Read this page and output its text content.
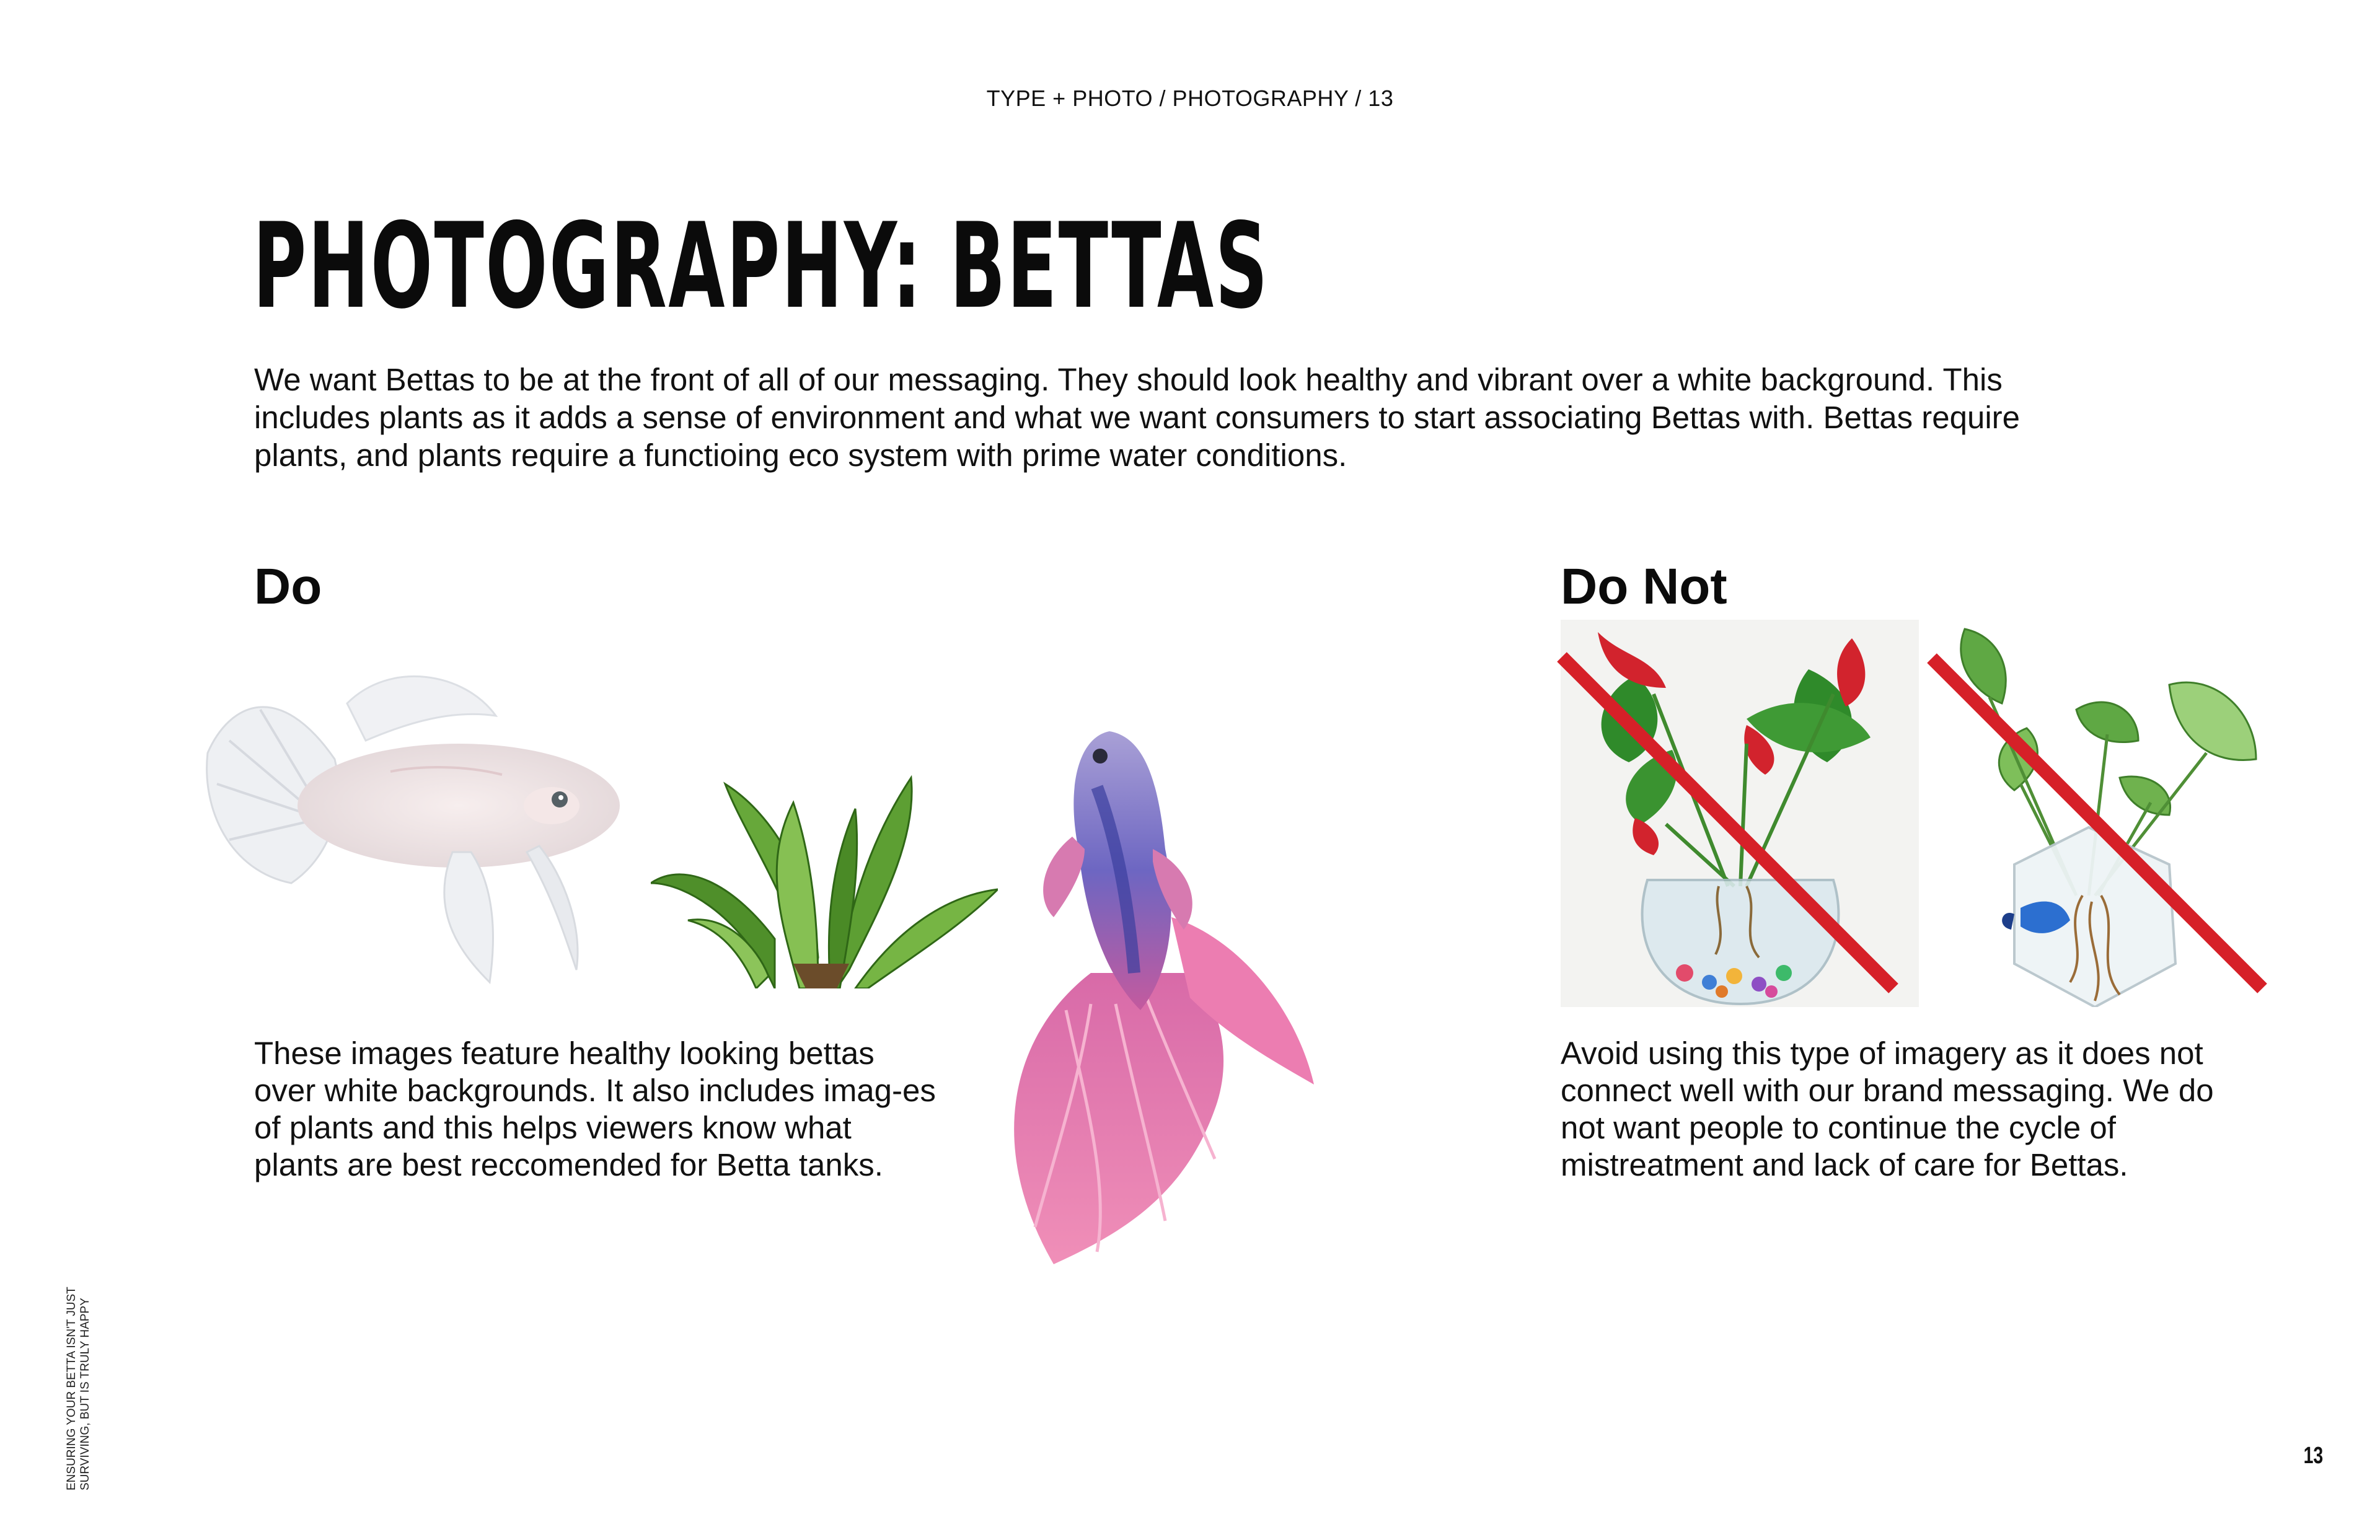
TYPE + PHOTO / PHOTOGRAPHY / 13
PHOTOGRAPHY: BETTAS

We want Bettas to be at the front of all of our messaging. They should look healthy and vibrant over a white background. This includes plants as it adds a sense of environment and what we want consumers to start associating Bettas with. Bettas require plants, and plants require a functioing eco system with prime water conditions.

Do

These images feature healthy looking bettas over white backgrounds. It also includes imag-es of plants and this helps viewers know what plants are best reccomended for Betta tanks.

Do Not

Avoid using this type of imagery as it does not connect well with our brand messaging. We do not want people to continue the cycle of mistreatment and lack of care for Bettas.

ENSURING YOUR BETTA ISN'T JUST SURVIVING, BUT IS TRULY HAPPY	13
